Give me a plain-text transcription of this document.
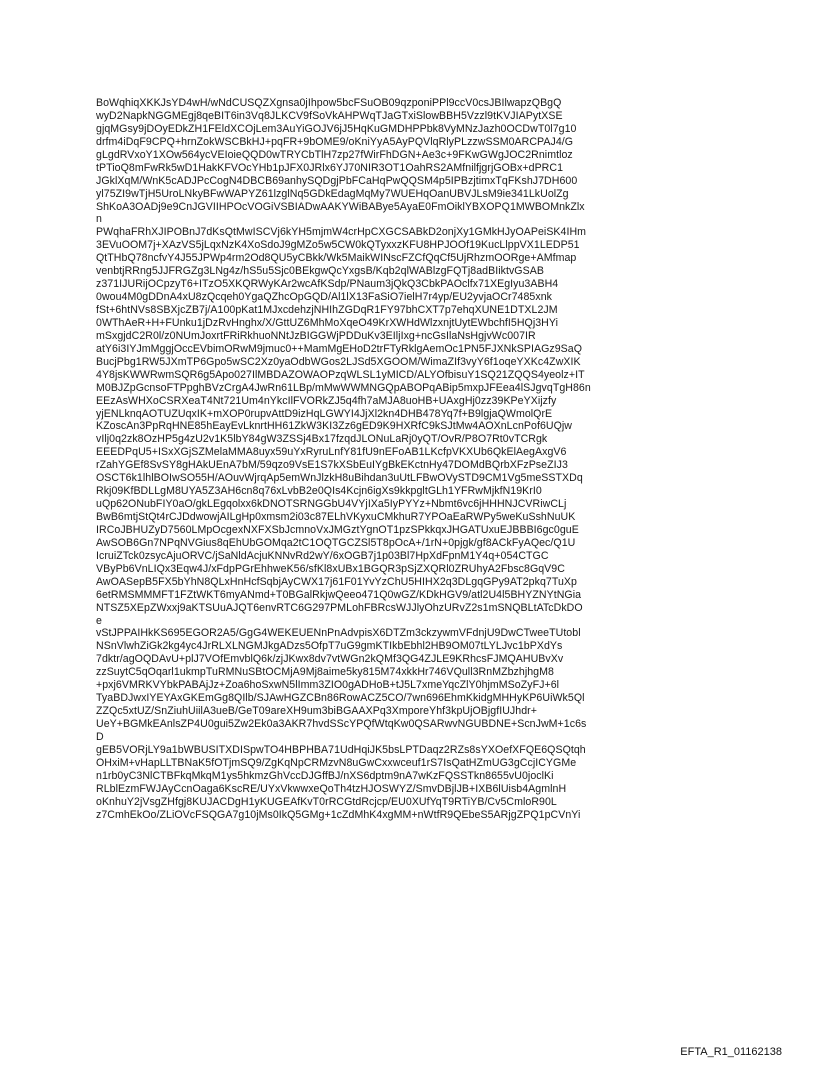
BoWqhiqXKKJsYD4wH/wNdCUSQZXgnsa0jIhpow5bcFSuOB09qzponiPPl9ccV0csJBIlwapzQBgQ
wyD2NapkNGGMEgj8qeBIT6in3Vq8JLKCV9fSoVkAHPWqTJaGTxiSlowBBH5Vzzl9tKVJIAPytXSE
gjqMGsy9jDOyEDkZH1FEldXCOjLem3AuYiGOJV6jJ5HqKuGMDHPPbk8VyMNzJazh0OCDwT0l7g10
drfm4iDqF9CPQ+hrnZokWSCBkHJ+pqFR+9bOME9/oKniYyA5AyPQVlqRlyPLzzwSSM0ARCPAJ4/G
gLgdRVxoY1XOw564ycVEIoieQQD0wTRYCbTlH7zp27fWirFhDGN+Ae3c+9FKwGWgJOC2Rnimtloz
tPTioQ8mFwRk5wD1HakKFVOcYHb1pJFX0JRlx6YJ70NIR3OT1OahRS2AMfnilfjgrjGOBx+dPRC1
JGklXqM/WnK5cADJPcCogN4DBCB69anhySQDgjPbFCaHqPwQQSM4p5IPBzjtimxTqFKshJ7DH600
yl75ZI9wTjH5UroLNkyBFwWAPYZ61lzglNq5GDkEdagMqMy7WUEHqOanUBVJLsM9ie341LkUolZg
ShKoA3OADj9e9CnJGVIIHPOcVOGiVSBIADwAAKYWiBABye5AyaE0FmOiklYBXOPQ1MWBOMnkZlx
n
PWqhaFRhXJIPOBnJ7dKsQtMwISCVj6kYH5mjmW4crHpCXGCSABkD2onjXy1GMkHJyOAPeiSK4IHm
3EVuOOM7j+XAzVS5jLqxNzK4XoSdoJ9gMZo5w5CW0kQTyxxzKFU8HPJOOf19KucLlppVX1LEDP51
QtTHbQ78ncfvY4J55JPWp4rm2Od8QU5yCBkk/Wk5MaikWINscFZCfQqCf5UjRhzmOORge+AMfmap
venbtjRRng5JJFRGZg3LNg4z/hS5u5Sjc0BEkgwQcYxgsB/Kqb2qlWABlzgFQTj8adBIiktvGSAB
z371IJURijOCpzyT6+ITzO5XKQRWyKAr2wcAfKSdp/PNaum3jQkQ3CbkPAOclfx71XEgIyu3ABH4
0wou4M0gDDnA4xU8zQcqeh0YgaQZhcOpGQD/Al1lX13FaSiO7ielH7r4yp/EU2yvjaOCr7485xnk
fSt+6htNVs8SBXjcZB7j/A100pKat1MJxcdehzjNHIhZGDqR1FY97bhCXT7p7ehqXUNE1DTXL2JM
0WThAeR+H+FUnku1jDzRvHnghx/X/GttUZ6MhMoXqeO49KrXWHdWlzxnjtUytEWbchfI5HQj3HYi
mSxgjdC2R0l/z0NUmJoxrtFRiRkhuoNNtJzBIGGWjPDDuKv3EIljIxg+ncGsIlaNsHgjvWc007IR
atY6i3IYJmMggjOccEVbimORwM9jmuc0++MamMgEHoD2trFTyRklgAemOc1PN5FJXNkSPIAGz9SaQ
BucjPbg1RW5JXmTP6Gpo5wSC2Xz0yaOdbWGos2LJSd5XGOOM/WimaZIf3vyY6f1oqeYXKc4ZwXIK
4Y8jsKWWRwmSQR6g5Apo027IlMBDAZOWAOPzqWLSL1yMICD/ALYOfbisuY1SQ21ZQQS4yeolz+IT
M0BJZpGcnsoFTPpghBVzCrgA4JwRn61LBp/mMwWWMNGQpABOPqABip5mxpJFEea4lSJgvqTgH86n
EEzAsWHXoCSRXeaT4Nt721Um4nYkcIlFVORkZJ5q4fh7aMJA8uoHB+UAxgHj0zz39KPeYXijzfy
yjENLknqAOTUZUqxIK+mXOP0rupvAttD9izHqLGWYI4JjXl2kn4DHB478Yq7f+B9lgjaQWmolQrE
KZoscAn3PpRqHNE85hEayEvLknrtHH61ZkW3KI3Zz6gED9K9HXRfC9kSJtMw4AOXnLcnPof6UQjw
vIlj0q2zk8OzHP5g4zU2v1K5lbY84gW3ZSSj4Bx17fzqdJLONuLaRj0yQT/OvR/P8O7Rt0vTCRgk
EEEDPqU5+ISxXGjSZMelaMMA8uyx59uYxRyruLnfY81fU9nEFoAB1LKcfpVKXUb6QkElAegAxgV6
rZahYGEf8SvSY8gHAkUEnA7bM/59qzo9VsE1S7kXSbEuIYgBkEKctnHy47DOMdBQrbXFzPseZIJ3
OSCT6k1lhlBOIwSO55H/AOuvWjrqAp5emWnJlzkH8uBihdan3uUtLFBwOVySTD9CM1Vg5meSSTXDq
Rkj09KfBDLLgM8UYA5Z3AH6cn8q76xLvbB2e0QIs4Kcjn6igXs9kkpgltGLh1YFRwMjkfN19KrI0
uQp62ONubFIY0aO/gkLEgqolxx6kDNOTSRNGGbU4VYjIXa5IyPYYz+Nbmt6vc6jHHHNJCVRiwCLj
BwB6mtjStQt4rCJDdwowjAILgHp0xmsm2i03c87ELhVKyxuCMkhuR7YPOaEaRWPy5weKuSshNuUK
IRCoJBHUZyD7560LMpOcgexNXFXSbJcmnoVxJMGztYgnOT1pzSPkkqxJHGATUxuEJBBBI6gc0guE
AwSOB6Gn7NPqNVGius8qEhUbGOMqa2tC1OQTGCZSl5T8pOcA+/1rN+0pjgk/gf8ACkFyAQec/Q1U
IcruiZTck0zsycAjuORVC/jSaNldAcjuKNNvRd2wY/6xOGB7j1p03Bl7HpXdFpnM1Y4q+054CTGC
VByPb6VnLIQx3Eqw4J/xFdpPGrEhhweK56/sfKl8xUBx1BGQR3pSjZXQRl0ZRUhyA2Fbsc8GqV9C
AwOASepB5FX5bYhN8QLxHnHcfSqbjAyCWX17j61F01YvYzChU5HIHX2q3DLgqGPy9AT2pkq7TuXp
6etRMSMMMFT1FZtWKT6myANmd+T0BGalRkjwQeeo471Q0wGZ/KDkHGV9/atl2U4l5BHYZNYtNGia
NTSZ5XEpZWxxj9aKTSUuAJQT6envRTC6G297PMLohFBRcsWJJlyOhzURvZ2s1mSNQBLtATcDkDO
e
vStJPPAIHkKS695EGOR2A5/GgG4WEKEUENnPnAdvpisX6DTZm3ckzywmVFdnjU9DwCTweeTUtobl
NSnVlwhZiGk2kg4yc4JrRLXLNGMJkgADzs5OfpT7uG9gmKTIkbEbhl2HB9OM07tLYLJvc1bPXdYs
7dktr/agOQDAvU+plJ7VOfEmvblQ6k/zjJKwx8dv7vtWGn2kQMf3QG4ZJLE9KRhcsFJMQAHUBvXv
zzSuytC5qOqarl1ukmpTuRMNuSBtOCMjA9Mj8aime5ky815M74xkkHr746VQull3RnMZbzhjhgM8
+pxj6VMRKVYbkPABAjJz+Zoa6hoSxwN5lImm3ZIO0gADHoB+tJ5L7xmeYqcZlY0hjmMSoZyFJ+6l
TyaBDJwxIYEYAxGKEmGg8QIlb/SJAwHGZCBn86RowACZ5CO/7wn696EhmKkidgMHHyKP6UiWk5Ql
ZZQc5xtUZ/SnZiuhUiilA3ueB/GeT09areXH9um3biBGAAXPq3XmporeYhf3kpUjOBjgfIUJhdr+
UeY+BGMkEAnlsZP4U0gui5Zw2Ek0a3AKR7hvdSScYPQfWtqKw0QSARwvNGUBDNE+ScnJwM+1c6s
D
gEB5VORjLY9a1bWBUSITXDISpwTO4HBPHBA71UdHqiJK5bsLPTDaqz2RZs8sYXOefXFQE6QSQtqh
OHxiM+vHapLLTBNaK5fOTjmSQ9/ZgKqNpCRMzvN8uGwCxxwceuf1rS7IsQatHZmUG3gCcjICYGMe
n1rb0yC3NlCTBFkqMkqM1ys5hkmzGhVccDJGffBJ/nXS6dptm9nA7wKzFQSSTkn8655vU0joclKi
RLblEzmFWJAyCcnOaga6KscRE/UYxVkwwxeQoTh4tzHJOSWYZ/SmvDBjlJB+IXB6lUisb4AgmlnH
oKnhuY2jVsgZHfgj8KUJACDgH1yKUGEAfKvT0rRCGtdRcjcp/EU0XUfYqT9RTiYB/Cv5CmloR90L
z7CmhEkOo/ZLiOVcFSQGA7g10jMs0IkQ5GMg+1cZdMhK4xgMM+nWtfR9QEbeS5ARjgZPQ1pCVnYi
EFTA_R1_01162138
